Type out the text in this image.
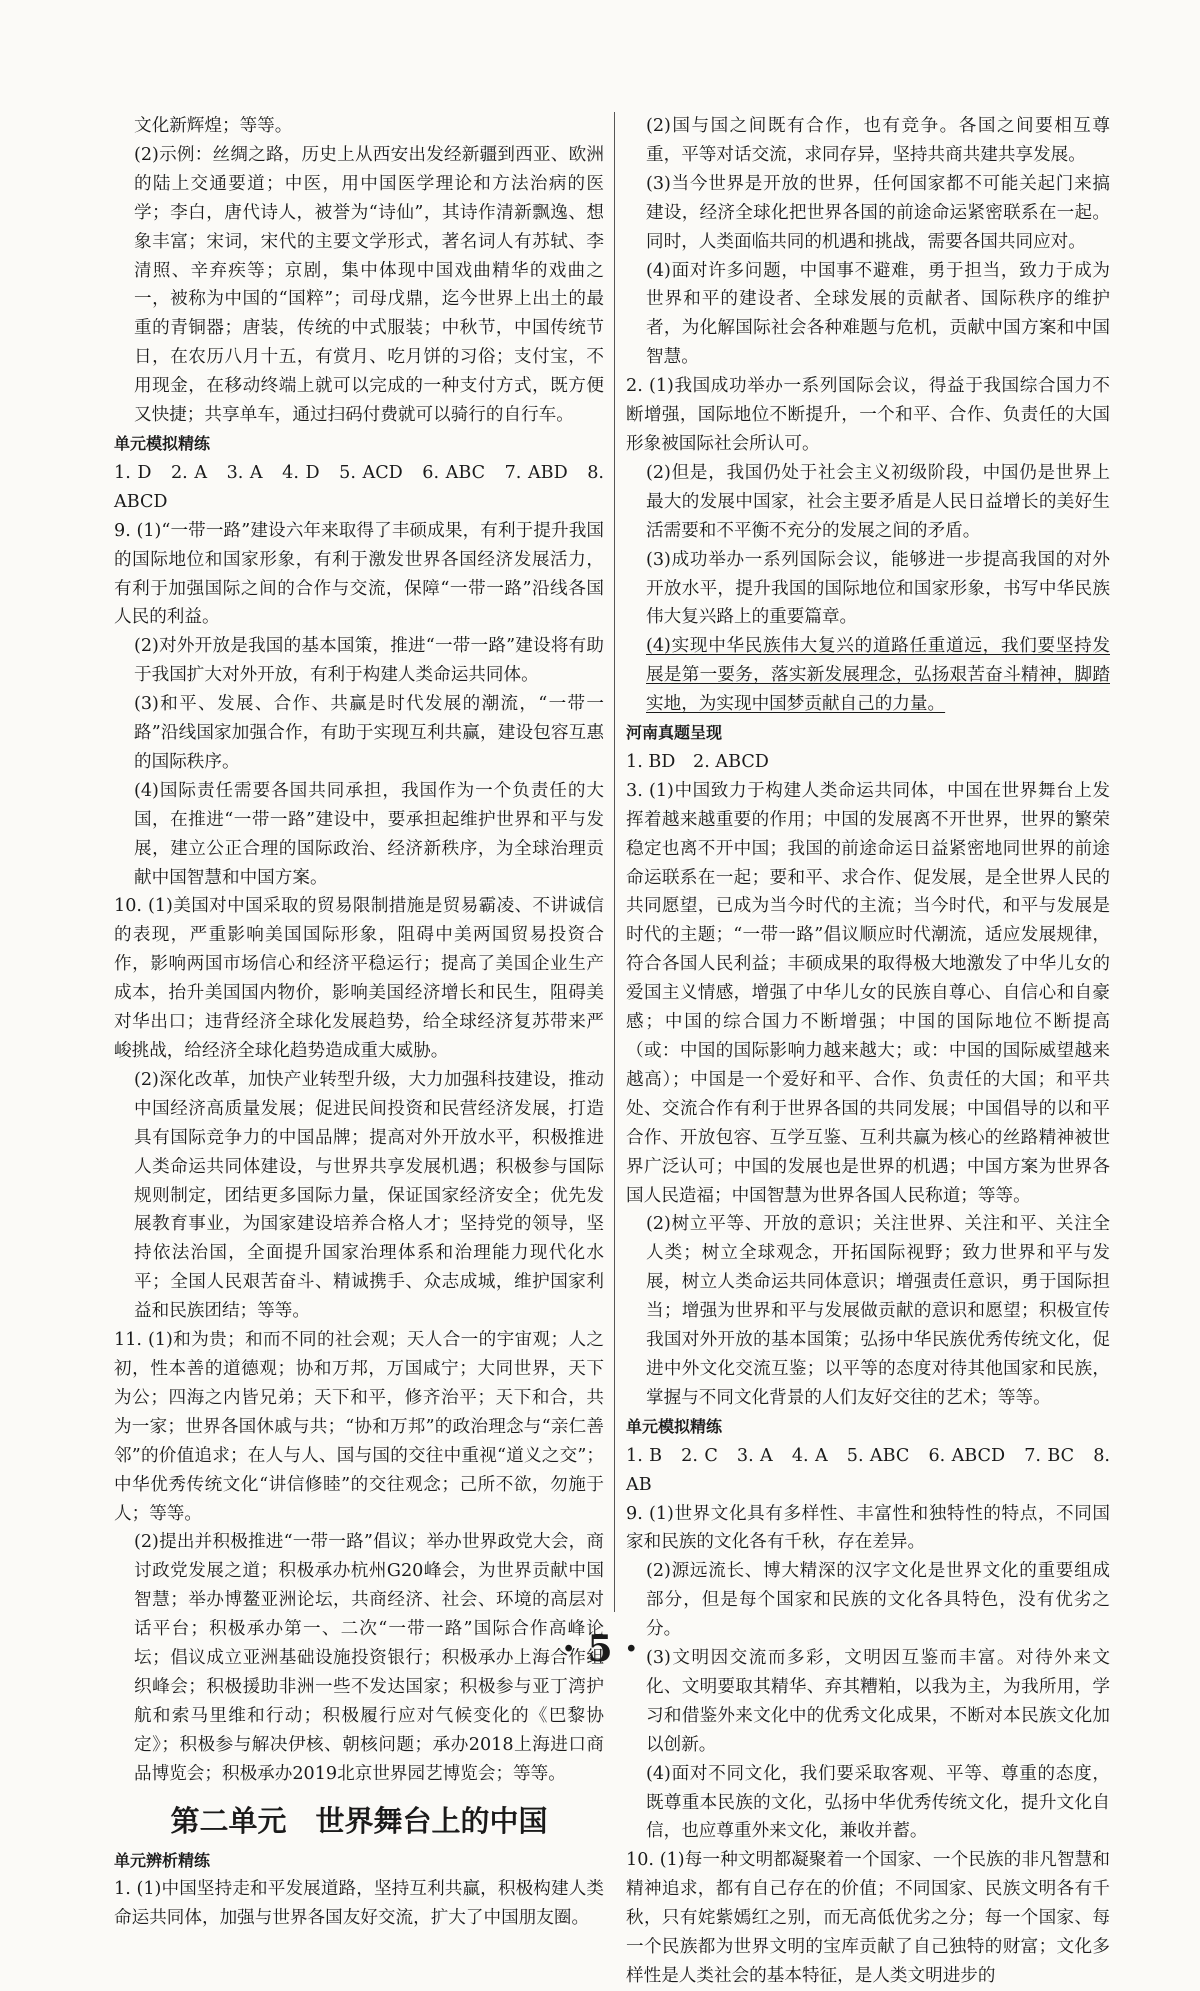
文化新辉煌；等等。

(2)示例：丝绸之路，历史上从西安出发经新疆到西亚、欧洲的陆上交通要道；中医，用中国医学理论和方法治病的医学；李白，唐代诗人，被誉为“诗仙”，其诗作清新飘逸、想象丰富；宋词，宋代的主要文学形式，著名词人有苏轼、李清照、辛弃疾等；京剧，集中体现中国戏曲精华的戏曲之一，被称为中国的“国粹”；司母戊鼎，迄今世界上出土的最重的青铜器；唐装，传统的中式服装；中秋节，中国传统节日，在农历八月十五，有赏月、吃月饼的习俗；支付宝，不用现金，在移动终端上就可以完成的一种支付方式，既方便又快捷；共享单车，通过扫码付费就可以骑行的自行车。

单元模拟精练

1. D　2. A　3. A　4. D　5. ACD　6. ABC　7. ABD　8. ABCD

9. (1)“一带一路”建设六年来取得了丰硕成果，有利于提升我国的国际地位和国家形象，有利于激发世界各国经济发展活力，有利于加强国际之间的合作与交流，保障“一带一路”沿线各国人民的利益。

(2)对外开放是我国的基本国策，推进“一带一路”建设将有助于我国扩大对外开放，有利于构建人类命运共同体。

(3)和平、发展、合作、共赢是时代发展的潮流，“一带一路”沿线国家加强合作，有助于实现互利共赢，建设包容互惠的国际秩序。

(4)国际责任需要各国共同承担，我国作为一个负责任的大国，在推进“一带一路”建设中，要承担起维护世界和平与发展，建立公正合理的国际政治、经济新秩序，为全球治理贡献中国智慧和中国方案。

10. (1)美国对中国采取的贸易限制措施是贸易霸凌、不讲诚信的表现，严重影响美国国际形象，阻碍中美两国贸易投资合作，影响两国市场信心和经济平稳运行；提高了美国企业生产成本，抬升美国国内物价，影响美国经济增长和民生，阻碍美对华出口；违背经济全球化发展趋势，给全球经济复苏带来严峻挑战，给经济全球化趋势造成重大威胁。

(2)深化改革，加快产业转型升级，大力加强科技建设，推动中国经济高质量发展；促进民间投资和民营经济发展，打造具有国际竞争力的中国品牌；提高对外开放水平，积极推进人类命运共同体建设，与世界共享发展机遇；积极参与国际规则制定，团结更多国际力量，保证国家经济安全；优先发展教育事业，为国家建设培养合格人才；坚持党的领导，坚持依法治国，全面提升国家治理体系和治理能力现代化水平；全国人民艰苦奋斗、精诚携手、众志成城，维护国家利益和民族团结；等等。

11. (1)和为贵；和而不同的社会观；天人合一的宇宙观；人之初，性本善的道德观；协和万邦，万国咸宁；大同世界，天下为公；四海之内皆兄弟；天下和平，修齐治平；天下和合，共为一家；世界各国休戚与共；“协和万邦”的政治理念与“亲仁善邻”的价值追求；在人与人、国与国的交往中重视“道义之交”；中华优秀传统文化“讲信修睦”的交往观念；己所不欲，勿施于人；等等。

(2)提出并积极推进“一带一路”倡议；举办世界政党大会，商讨政党发展之道；积极承办杭州G20峰会，为世界贡献中国智慧；举办博鳌亚洲论坛，共商经济、社会、环境的高层对话平台；积极承办第一、二次“一带一路”国际合作高峰论坛；倡议成立亚洲基础设施投资银行；积极承办上海合作组织峰会；积极援助非洲一些不发达国家；积极参与亚丁湾护航和索马里维和行动；积极履行应对气候变化的《巴黎协定》；积极参与解决伊核、朝核问题；承办2018上海进口商品博览会；积极承办2019北京世界园艺博览会；等等。

第二单元　世界舞台上的中国

单元辨析精练

1. (1)中国坚持走和平发展道路，坚持互利共赢，积极构建人类命运共同体，加强与世界各国友好交流，扩大了中国朋友圈。

(2)国与国之间既有合作，也有竞争。各国之间要相互尊重，平等对话交流，求同存异，坚持共商共建共享发展。

(3)当今世界是开放的世界，任何国家都不可能关起门来搞建设，经济全球化把世界各国的前途命运紧密联系在一起。同时，人类面临共同的机遇和挑战，需要各国共同应对。

(4)面对许多问题，中国事不避难，勇于担当，致力于成为世界和平的建设者、全球发展的贡献者、国际秩序的维护者，为化解国际社会各种难题与危机，贡献中国方案和中国智慧。

2. (1)我国成功举办一系列国际会议，得益于我国综合国力不断增强，国际地位不断提升，一个和平、合作、负责任的大国形象被国际社会所认可。

(2)但是，我国仍处于社会主义初级阶段，中国仍是世界上最大的发展中国家，社会主要矛盾是人民日益增长的美好生活需要和不平衡不充分的发展之间的矛盾。

(3)成功举办一系列国际会议，能够进一步提高我国的对外开放水平，提升我国的国际地位和国家形象，书写中华民族伟大复兴路上的重要篇章。

(4)实现中华民族伟大复兴的道路任重道远，我们要坚持发展是第一要务，落实新发展理念，弘扬艰苦奋斗精神，脚踏实地，为实现中国梦贡献自己的力量。

河南真题呈现

1. BD　2. ABCD

3. (1)中国致力于构建人类命运共同体，中国在世界舞台上发挥着越来越重要的作用；中国的发展离不开世界，世界的繁荣稳定也离不开中国；我国的前途命运日益紧密地同世界的前途命运联系在一起；要和平、求合作、促发展，是全世界人民的共同愿望，已成为当今时代的主流；当今时代，和平与发展是时代的主题；“一带一路”倡议顺应时代潮流，适应发展规律，符合各国人民利益；丰硕成果的取得极大地激发了中华儿女的爱国主义情感，增强了中华儿女的民族自尊心、自信心和自豪感；中国的综合国力不断增强；中国的国际地位不断提高（或：中国的国际影响力越来越大；或：中国的国际威望越来越高）；中国是一个爱好和平、合作、负责任的大国；和平共处、交流合作有利于世界各国的共同发展；中国倡导的以和平合作、开放包容、互学互鉴、互利共赢为核心的丝路精神被世界广泛认可；中国的发展也是世界的机遇；中国方案为世界各国人民造福；中国智慧为世界各国人民称道；等等。

(2)树立平等、开放的意识；关注世界、关注和平、关注全人类；树立全球观念，开拓国际视野；致力世界和平与发展，树立人类命运共同体意识；增强责任意识，勇于国际担当；增强为世界和平与发展做贡献的意识和愿望；积极宣传我国对外开放的基本国策；弘扬中华民族优秀传统文化，促进中外文化交流互鉴；以平等的态度对待其他国家和民族，掌握与不同文化背景的人们友好交往的艺术；等等。

单元模拟精练

1. B　2. C　3. A　4. A　5. ABC　6. ABCD　7. BC　8. AB

9. (1)世界文化具有多样性、丰富性和独特性的特点，不同国家和民族的文化各有千秋，存在差异。

(2)源远流长、博大精深的汉字文化是世界文化的重要组成部分，但是每个国家和民族的文化各具特色，没有优劣之分。

(3)文明因交流而多彩，文明因互鉴而丰富。对待外来文化、文明要取其精华、弃其糟粕，以我为主，为我所用，学习和借鉴外来文化中的优秀文化成果，不断对本民族文化加以创新。

(4)面对不同文化，我们要采取客观、平等、尊重的态度，既尊重本民族的文化，弘扬中华优秀传统文化，提升文化自信，也应尊重外来文化，兼收并蓄。

10. (1)每一种文明都凝聚着一个国家、一个民族的非凡智慧和精神追求，都有自己存在的价值；不同国家、民族文明各有千秋，只有姹紫嫣红之别，而无高低优劣之分；每一个国家、每一个民族都为世界文明的宝库贡献了自己独特的财富；文化多样性是人类社会的基本特征，是人类文明进步的

· 5 ·
